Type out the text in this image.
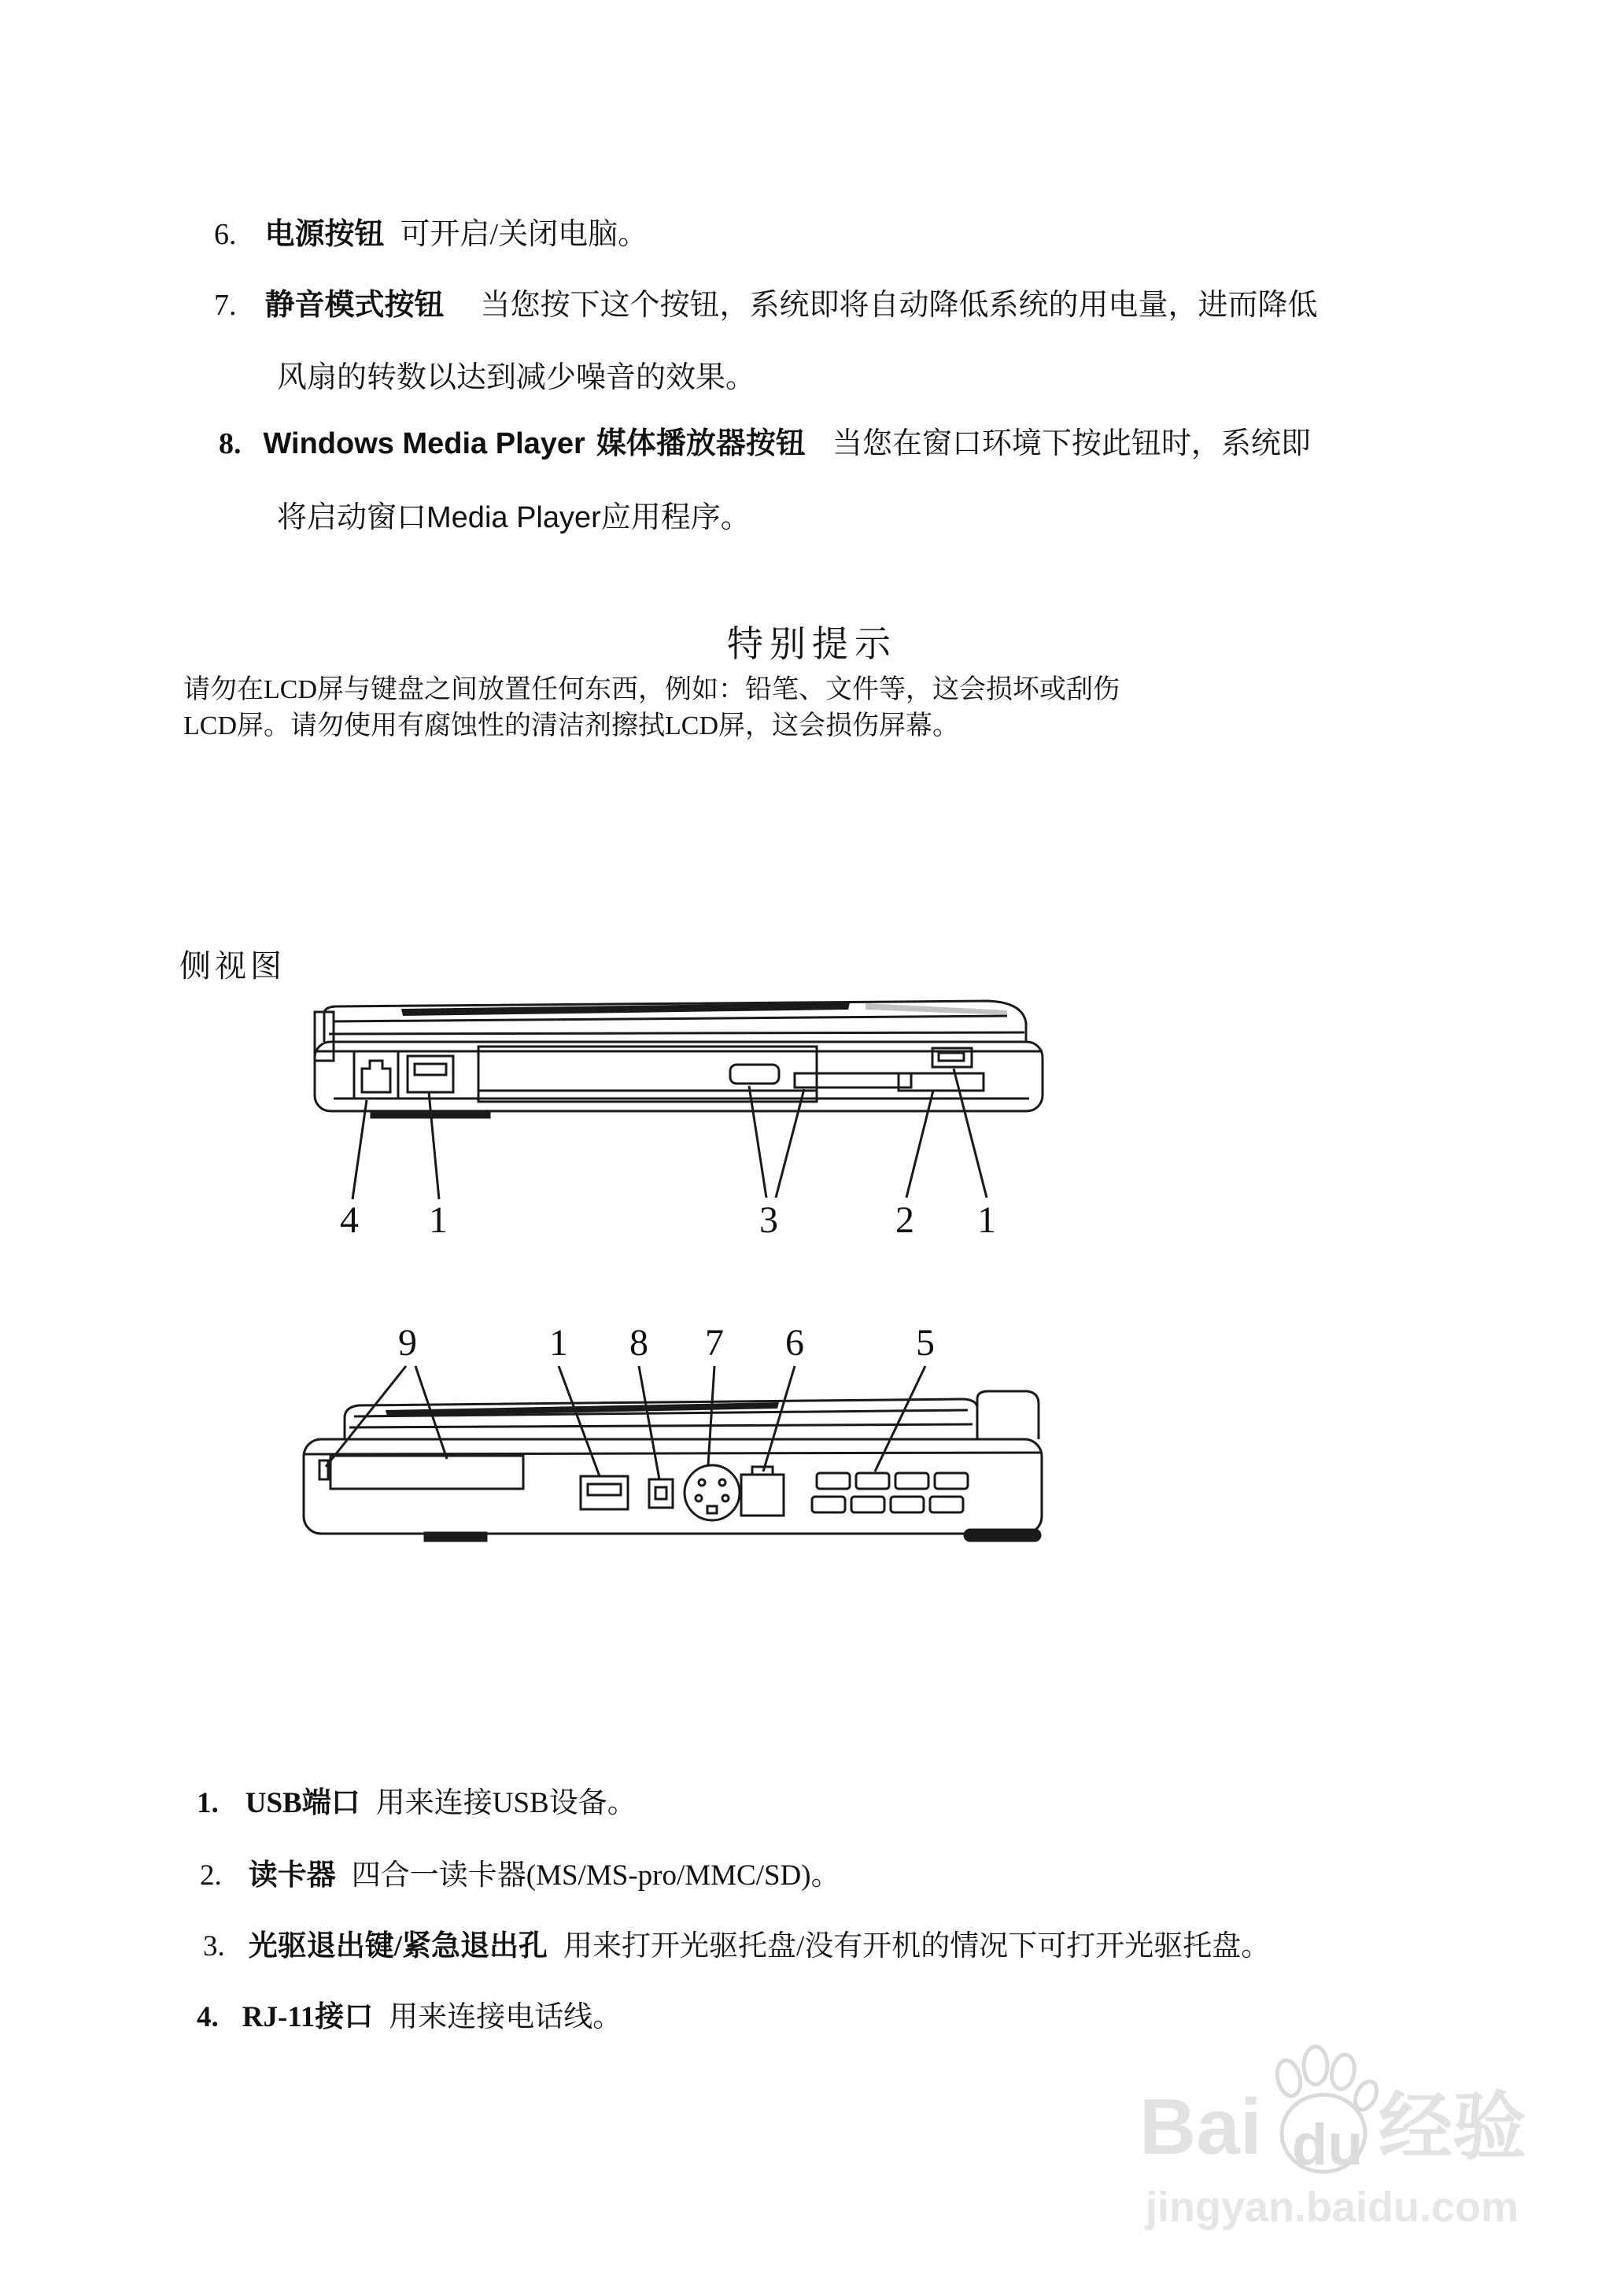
6. 电源按钮 可开启/关闭电脑。
7. 静音模式按钮 当您按下这个按钮，系统即将自动降低系统的用电量，进而降低
风扇的转数以达到减少噪音的效果。
8. Windows Media Player 媒体播放器按钮 当您在窗口环境下按此钮时，系统即
将启动窗口Media Player应用程序。
特别提示
请勿在LCD屏与键盘之间放置任何东西，例如：铅笔、文件等，这会损坏或刮伤
LCD屏。请勿使用有腐蚀性的清洁剂擦拭LCD屏，这会损伤屏幕。
侧视图
4 1	3	2 1
9	1 8 7 6	5
1. USB端口 用来连接USB设备。
2. 读卡器 四合一读卡器(MS/MS-pro/MMC/SD)。
3. 光驱退出键/紧急退出孔 用来打开光驱托盘/没有开机的情况下可打开光驱托盘。
4. RJ-11接口 用来连接电话线。
Bai du 经验
jingyan.baidu.com
